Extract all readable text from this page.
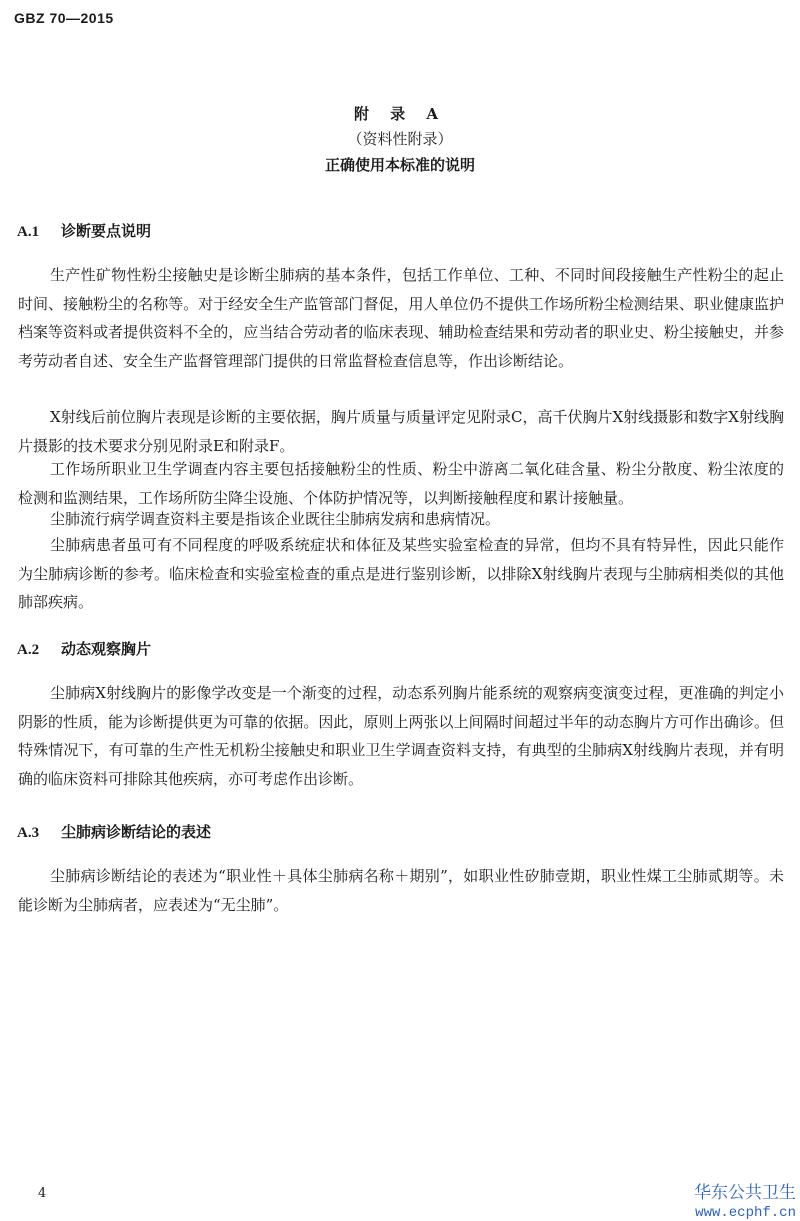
GBZ 70—2015
附 录 A
（资料性附录）
正确使用本标准的说明
A.1 诊断要点说明

生产性矿物性粉尘接触史是诊断尘肺病的基本条件，包括工作单位、工种、不同时间段接触生产性粉尘的起止时间、接触粉尘的名称等。对于经安全生产监管部门督促，用人单位仍不提供工作场所粉尘检测结果、职业健康监护档案等资料或者提供资料不全的，应当结合劳动者的临床表现、辅助检查结果和劳动者的职业史、粉尘接触史，并参考劳动者自述、安全生产监督管理部门提供的日常监督检查信息等，作出诊断结论。

X射线后前位胸片表现是诊断的主要依据，胸片质量与质量评定见附录C，高千伏胸片X射线摄影和数字X射线胸片摄影的技术要求分别见附录E和附录F。

工作场所职业卫生学调查内容主要包括接触粉尘的性质、粉尘中游离二氧化硅含量、粉尘分散度、粉尘浓度的检测和监测结果，工作场所防尘降尘设施、个体防护情况等，以判断接触程度和累计接触量。

尘肺流行病学调查资料主要是指该企业既往尘肺病发病和患病情况。

尘肺病患者虽可有不同程度的呼吸系统症状和体征及某些实验室检查的异常，但均不具有特异性，因此只能作为尘肺病诊断的参考。临床检查和实验室检查的重点是进行鉴别诊断，以排除X射线胸片表现与尘肺病相类似的其他肺部疾病。

A.2 动态观察胸片

尘肺病X射线胸片的影像学改变是一个渐变的过程，动态系列胸片能系统的观察病变演变过程，更准确的判定小阴影的性质，能为诊断提供更为可靠的依据。因此，原则上两张以上间隔时间超过半年的动态胸片方可作出确诊。但特殊情况下，有可靠的生产性无机粉尘接触史和职业卫生学调查资料支持，有典型的尘肺病X射线胸片表现，并有明确的临床资料可排除其他疾病，亦可考虑作出诊断。

A.3 尘肺病诊断结论的表述

尘肺病诊断结论的表述为“职业性＋具体尘肺病名称＋期别”，如职业性矽肺壹期，职业性煤工尘肺贰期等。未能诊断为尘肺病者，应表述为“无尘肺”。

4	华东公共卫生
www.ecphf.cn
